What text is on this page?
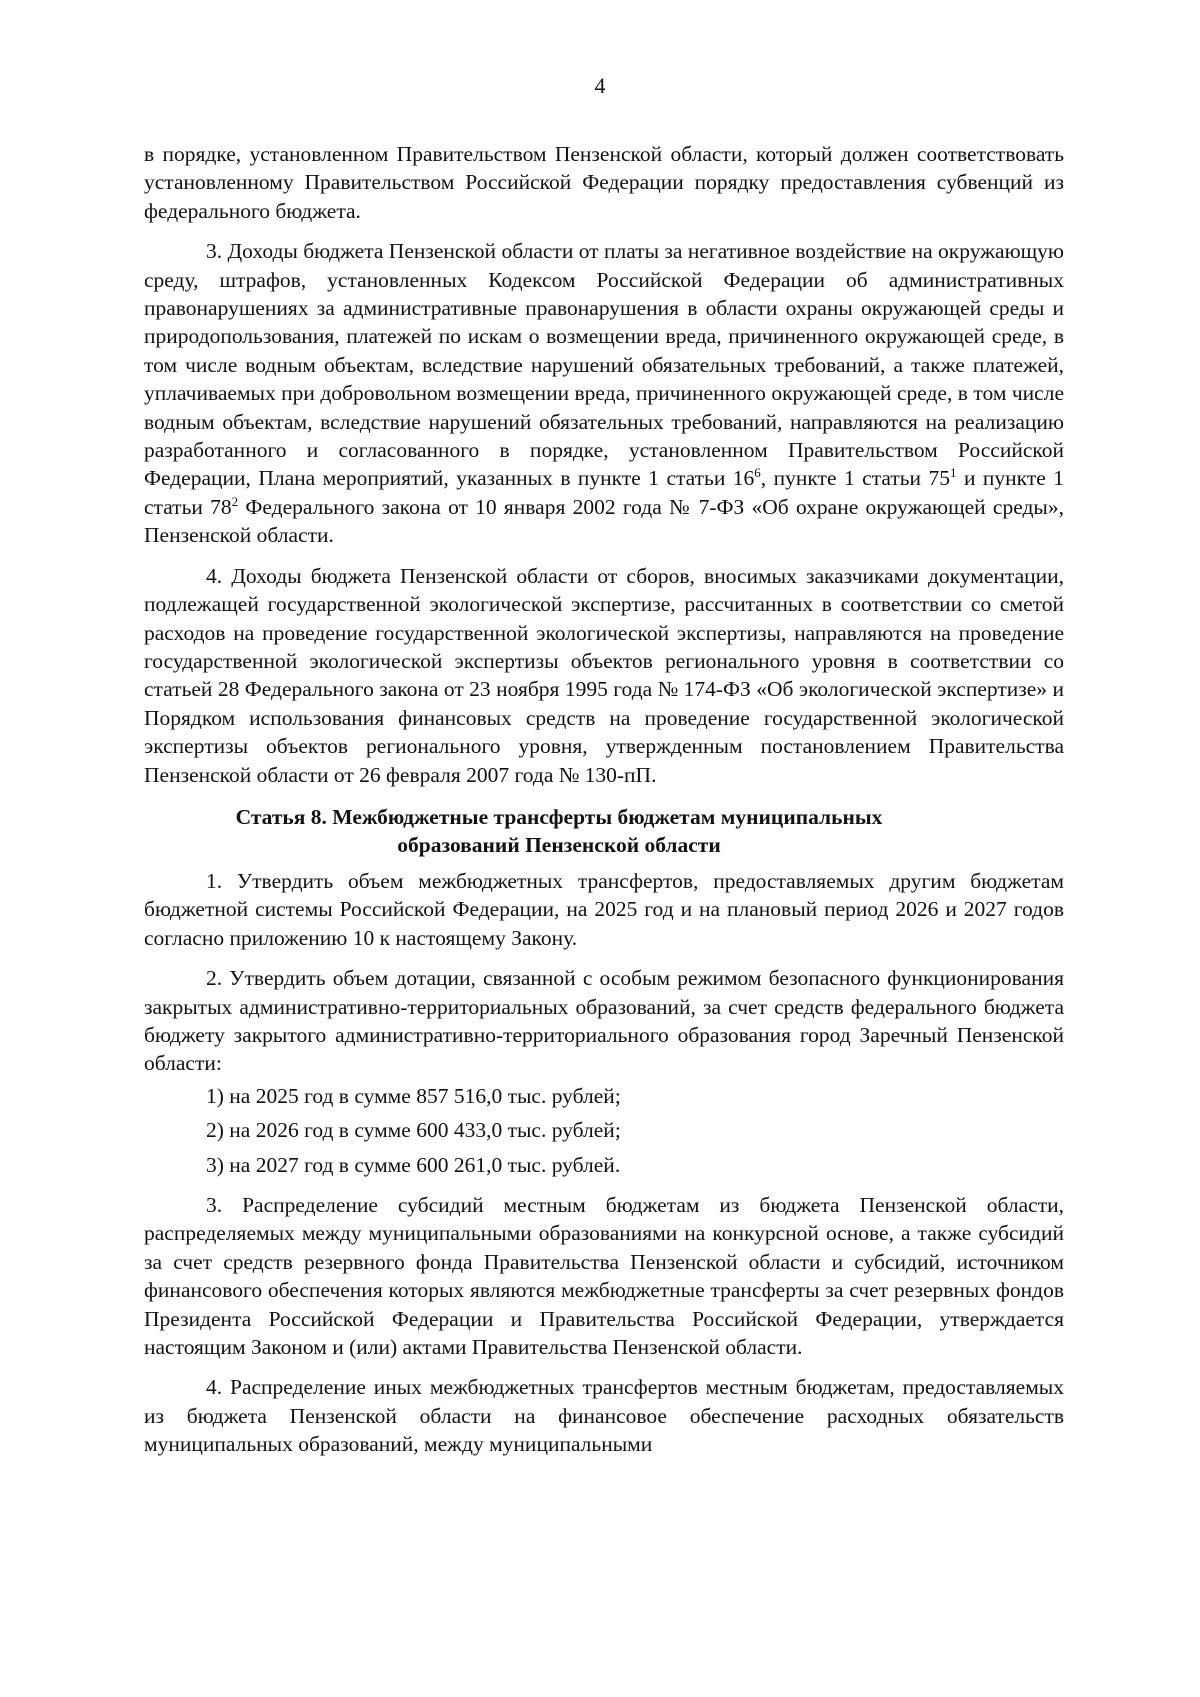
4

в порядке, установленном Правительством Пензенской области, который должен соответствовать установленному Правительством Российской Федерации порядку предоставления субвенций из федерального бюджета.

3. Доходы бюджета Пензенской области от платы за негативное воздействие на окружающую среду, штрафов, установленных Кодексом Российской Федерации об административных правонарушениях за административные правонарушения в области охраны окружающей среды и природопользования, платежей по искам о возмещении вреда, причиненного окружающей среде, в том числе водным объектам, вследствие нарушений обязательных требований, а также платежей, уплачиваемых при добровольном возмещении вреда, причиненного окружающей среде, в том числе водным объектам, вследствие нарушений обязательных требований, направляются на реализацию разработанного и согласованного в порядке, установленном Правительством Российской Федерации, Плана мероприятий, указанных в пункте 1 статьи $16^6$, пункте 1 статьи $75^1$ и пункте 1 статьи $78^2$ Федерального закона от 10 января 2002 года № 7-ФЗ «Об охране окружающей среды», Пензенской области.

4. Доходы бюджета Пензенской области от сборов, вносимых заказчиками документации, подлежащей государственной экологической экспертизе, рассчитанных в соответствии со сметой расходов на проведение государственной экологической экспертизы, направляются на проведение государственной экологической экспертизы объектов регионального уровня в соответствии со статьей 28 Федерального закона от 23 ноября 1995 года № 174-ФЗ «Об экологической экспертизе» и Порядком использования финансовых средств на проведение государственной экологической экспертизы объектов регионального уровня, утвержденным постановлением Правительства Пензенской области от 26 февраля 2007 года № 130-пП.

Статья 8. Межбюджетные трансферты бюджетам муниципальных
образований Пензенской области

1. Утвердить объем межбюджетных трансфертов, предоставляемых другим бюджетам бюджетной системы Российской Федерации, на 2025 год и на плановый период 2026 и 2027 годов согласно приложению 10 к настоящему Закону.

2. Утвердить объем дотации, связанной с особым режимом безопасного функционирования закрытых административно-территориальных образований, за счет средств федерального бюджета бюджету закрытого административно-территориального образования город Заречный Пензенской области:

1) на 2025 год в сумме 857 516,0 тыс. рублей;
2) на 2026 год в сумме 600 433,0 тыс. рублей;
3) на 2027 год в сумме 600 261,0 тыс. рублей.

3. Распределение субсидий местным бюджетам из бюджета Пензенской области, распределяемых между муниципальными образованиями на конкурсной основе, а также субсидий за счет средств резервного фонда Правительства Пензенской области и субсидий, источником финансового обеспечения которых являются межбюджетные трансферты за счет резервных фондов Президента Российской Федерации и Правительства Российской Федерации, утверждается настоящим Законом и (или) актами Правительства Пензенской области.

4. Распределение иных межбюджетных трансфертов местным бюджетам, предоставляемых из бюджета Пензенской области на финансовое обеспечение расходных обязательств муниципальных образований, между муниципальными
